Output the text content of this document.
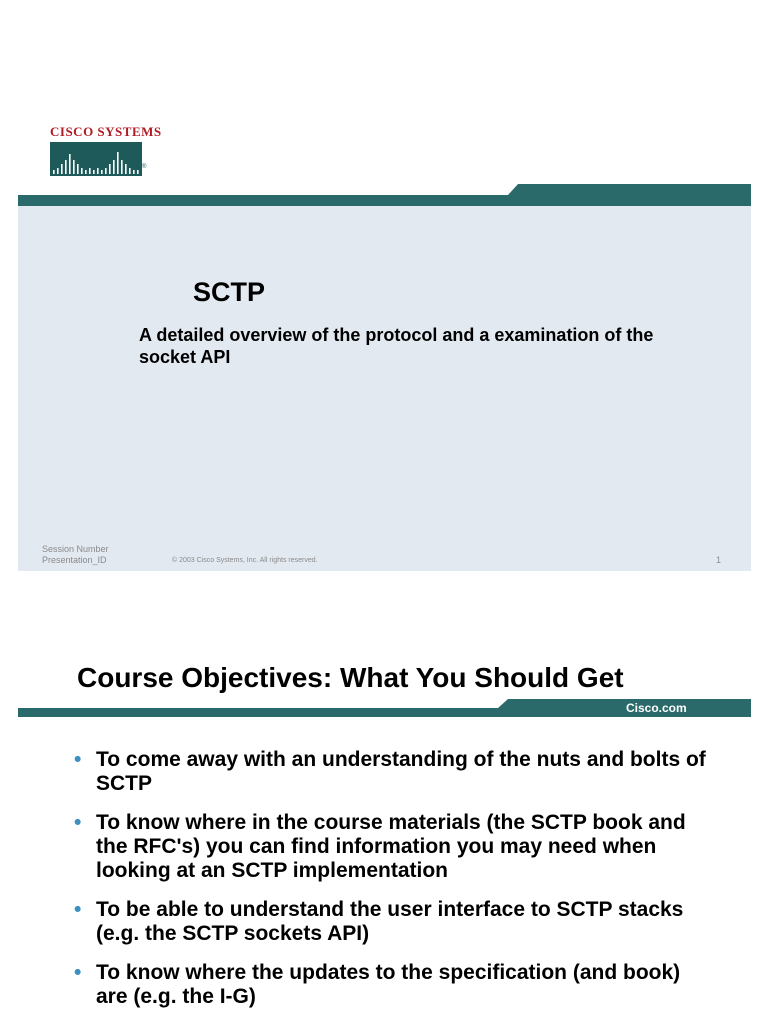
CISCO SYSTEMS
®
SCTP
A detailed overview of the protocol and a examination of the socket API
Session Number
Presentation_ID	© 2003 Cisco Systems, Inc. All rights reserved.	1
Course Objectives: What You Should Get
Cisco.com
• To come away with an understanding of the nuts and bolts of SCTP
• To know where in the course materials (the SCTP book and the RFC's) you can find information you may need when looking at an SCTP implementation
• To be able to understand the user interface to SCTP stacks (e.g. the SCTP sockets API)
• To know where the updates to the specification (and book) are (e.g. the I-G)
